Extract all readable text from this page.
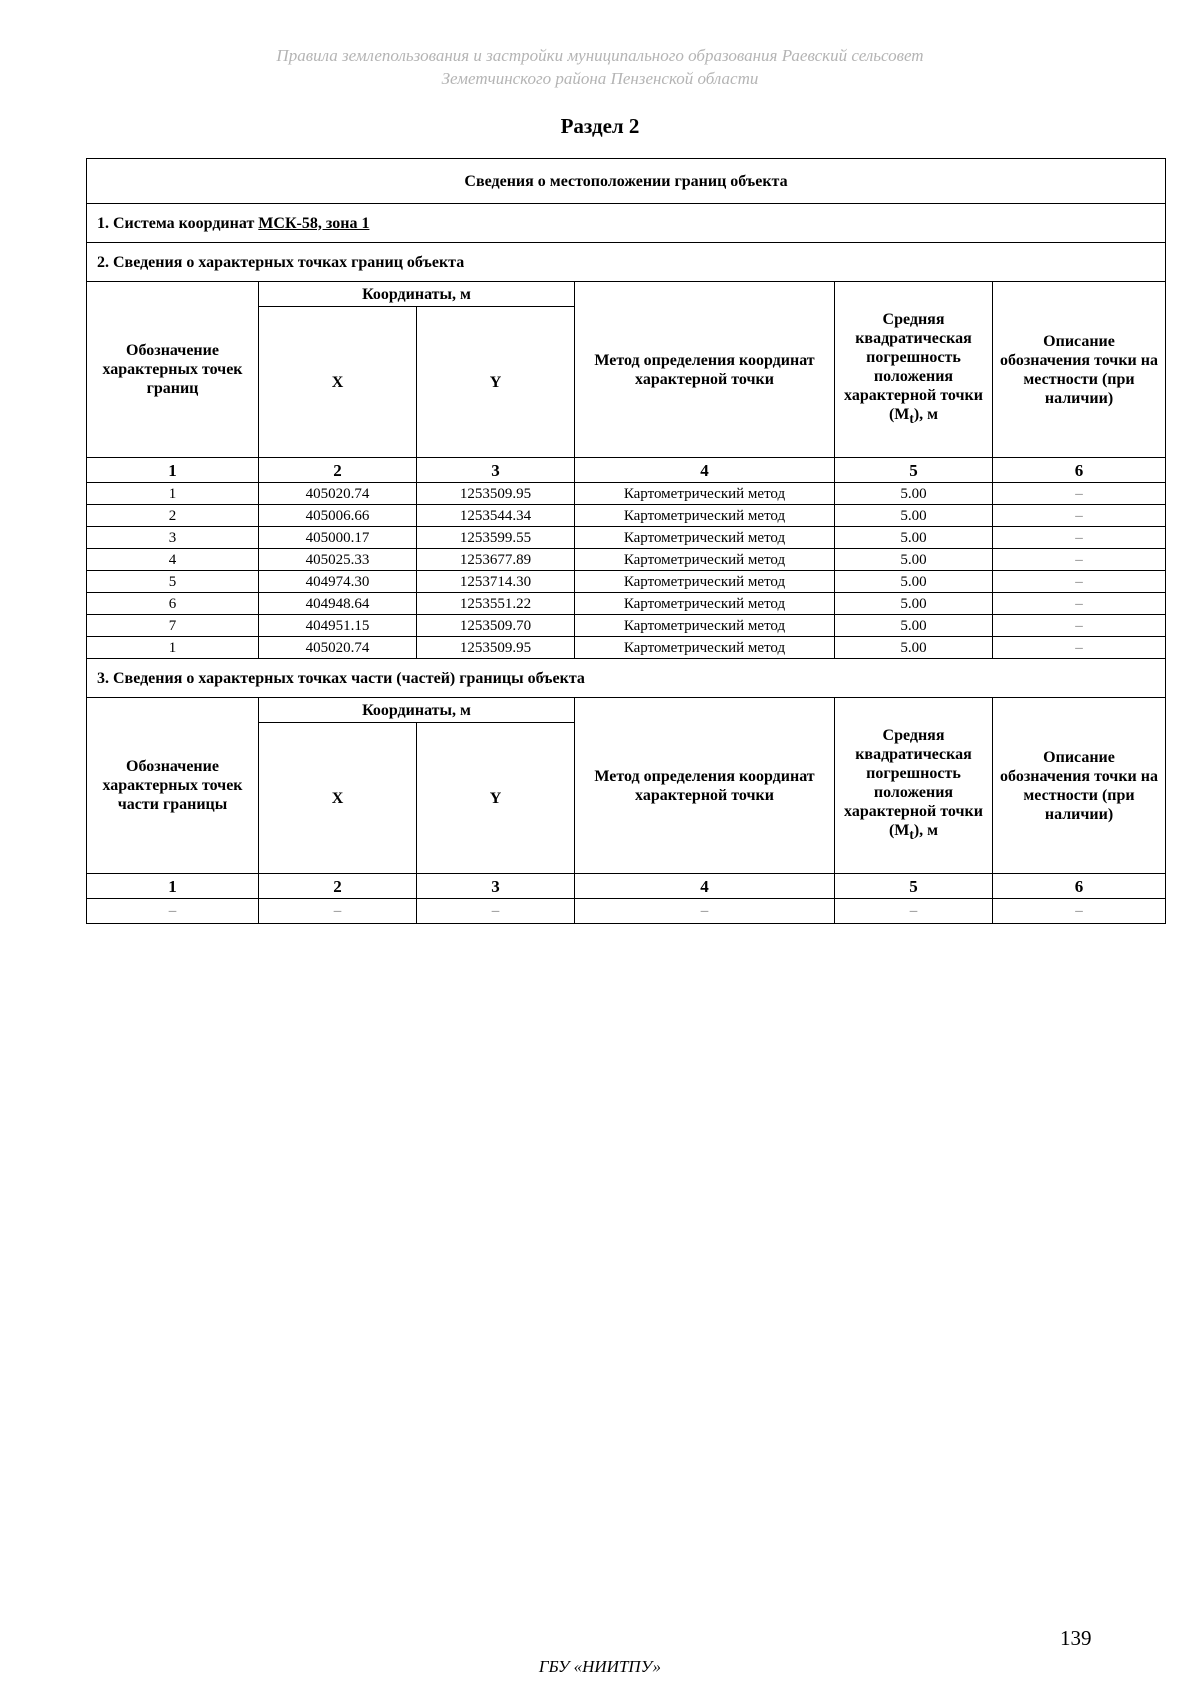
Правила землепользования и застройки муниципального образования Раевский сельсовет
Земетчинского района Пензенской области
Раздел 2
Сведения о местоположении границ объекта					
1. Система координат МСК-58, зона 1					
2. Сведения о характерных точках границ объекта					
Обозначение характерных точек границ	Координаты, м		Метод определения координат характерной точки	Средняя квадратическая погрешность положения характерной точки $(M_t)$, м	Описание обозначения точки на местности (при наличии)
	X	Y			
1	2	3	4	5	6
1	405020.74	1253509.95	Картометрический метод	5.00	–
2	405006.66	1253544.34	Картометрический метод	5.00	–
3	405000.17	1253599.55	Картометрический метод	5.00	–
4	405025.33	1253677.89	Картометрический метод	5.00	–
5	404974.30	1253714.30	Картометрический метод	5.00	–
6	404948.64	1253551.22	Картометрический метод	5.00	–
7	404951.15	1253509.70	Картометрический метод	5.00	–
1	405020.74	1253509.95	Картометрический метод	5.00	–
3. Сведения о характерных точках части (частей) границы объекта					
Обозначение характерных точек части границы	Координаты, м		Метод определения координат характерной точки	Средняя квадратическая погрешность положения характерной точки $(M_t)$, м	Описание обозначения точки на местности (при наличии)
	X	Y			
1	2	3	4	5	6
–	–	–	–	–	–
139
ГБУ «НИИТПУ»
